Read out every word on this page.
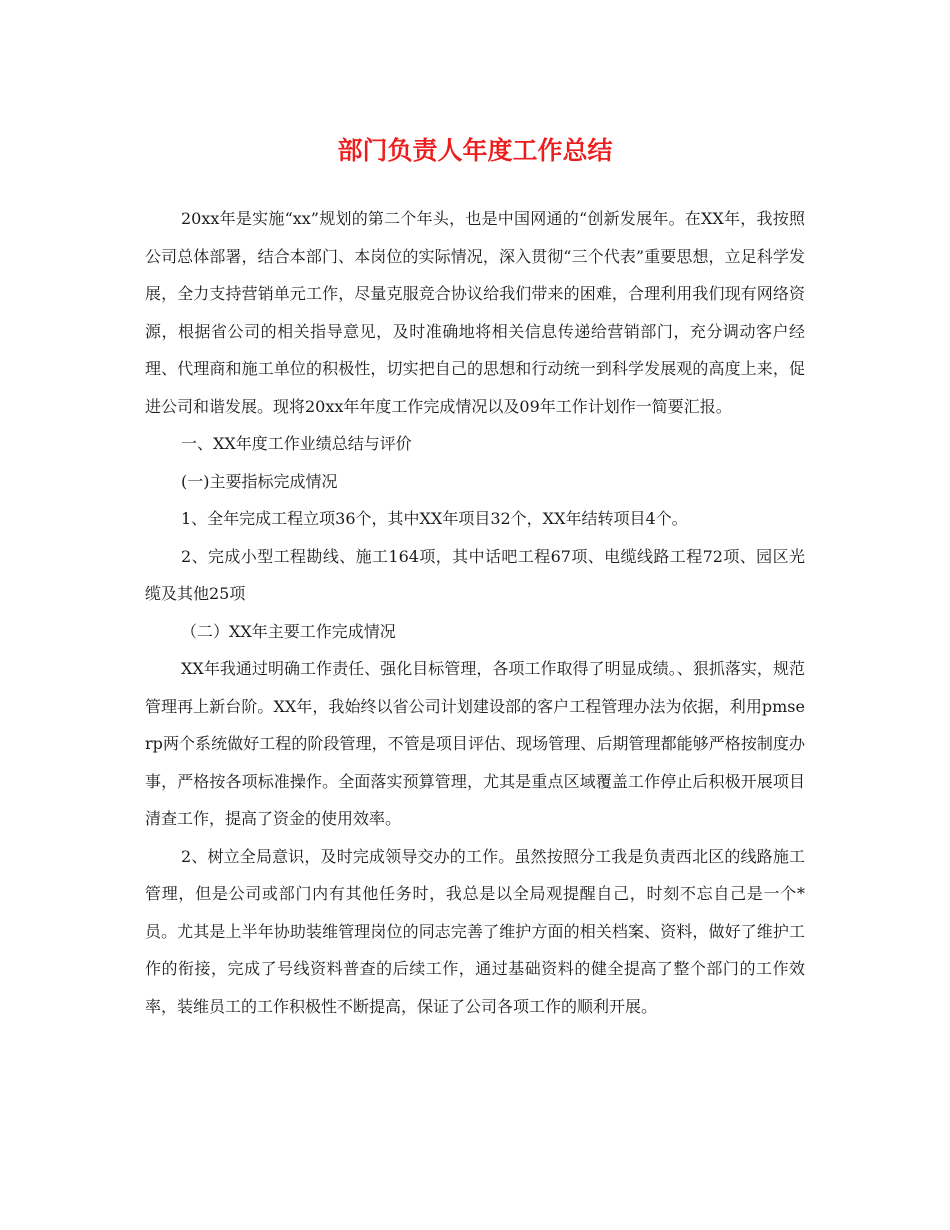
部门负责人年度工作总结

20xx年是实施“xx”规划的第二个年头，也是中国网通的“创新发展年。在XX年，我按照公司总体部署，结合本部门、本岗位的实际情况，深入贯彻“三个代表”重要思想，立足科学发展，全力支持营销单元工作，尽量克服竞合协议给我们带来的困难，合理利用我们现有网络资源，根据省公司的相关指导意见，及时准确地将相关信息传递给营销部门，充分调动客户经理、代理商和施工单位的积极性，切实把自己的思想和行动统一到科学发展观的高度上来，促进公司和谐发展。现将20xx年年度工作完成情况以及09年工作计划作一简要汇报。

一、XX年度工作业绩总结与评价

(一)主要指标完成情况

1、全年完成工程立项36个，其中XX年项目32个，XX年结转项目4个。

2、完成小型工程勘线、施工164项，其中话吧工程67项、电缆线路工程72项、园区光缆及其他25项

（二）XX年主要工作完成情况

XX年我通过明确工作责任、强化目标管理，各项工作取得了明显成绩。、狠抓落实，规范管理再上新台阶。XX年，我始终以省公司计划建设部的客户工程管理办法为依据，利用pmserp两个系统做好工程的阶段管理，不管是项目评估、现场管理、后期管理都能够严格按制度办事，严格按各项标准操作。全面落实预算管理，尤其是重点区域覆盖工作停止后积极开展项目清查工作，提高了资金的使用效率。

2、树立全局意识，及时完成领导交办的工作。虽然按照分工我是负责西北区的线路施工管理，但是公司或部门内有其他任务时，我总是以全局观提醒自己，时刻不忘自己是一个*员。尤其是上半年协助装维管理岗位的同志完善了维护方面的相关档案、资料，做好了维护工作的衔接，完成了号线资料普查的后续工作，通过基础资料的健全提高了整个部门的工作效率，装维员工的工作积极性不断提高，保证了公司各项工作的顺利开展。
